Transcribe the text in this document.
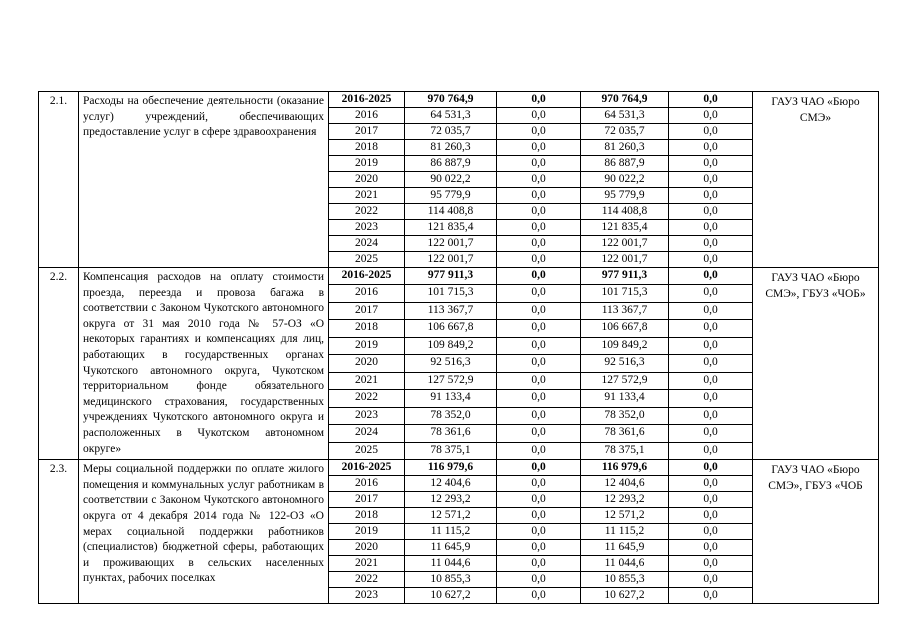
2.1.	Расходы на обеспечение деятельности (оказание услуг) учреждений, обеспечивающих предоставление услуг в сфере здравоохранения	2016-2025	970 764,9	0,0	970 764,9	0,0	ГАУЗ ЧАО «Бюро СМЭ»
		2016	64 531,3	0,0	64 531,3	0,0	
		2017	72 035,7	0,0	72 035,7	0,0	
		2018	81 260,3	0,0	81 260,3	0,0	
		2019	86 887,9	0,0	86 887,9	0,0	
		2020	90 022,2	0,0	90 022,2	0,0	
		2021	95 779,9	0,0	95 779,9	0,0	
		2022	114 408,8	0,0	114 408,8	0,0	
		2023	121 835,4	0,0	121 835,4	0,0	
		2024	122 001,7	0,0	122 001,7	0,0	
		2025	122 001,7	0,0	122 001,7	0,0	
2.2.	Компенсация расходов на оплату стоимости проезда, переезда и провоза багажа в соответствии с Законом Чукотского автономного округа от 31 мая 2010 года № 57-ОЗ «О некоторых гарантиях и компенсациях для лиц, работающих в государственных органах Чукотского автономного округа, Чукотском территориальном фонде обязательного медицинского страхования, государственных учреждениях Чукотского автономного округа и расположенных в Чукотском автономном округе»	2016-2025	977 911,3	0,0	977 911,3	0,0	ГАУЗ ЧАО «Бюро СМЭ», ГБУЗ «ЧОБ»
		2016	101 715,3	0,0	101 715,3	0,0	
		2017	113 367,7	0,0	113 367,7	0,0	
		2018	106 667,8	0,0	106 667,8	0,0	
		2019	109 849,2	0,0	109 849,2	0,0	
		2020	92 516,3	0,0	92 516,3	0,0	
		2021	127 572,9	0,0	127 572,9	0,0	
		2022	91 133,4	0,0	91 133,4	0,0	
		2023	78 352,0	0,0	78 352,0	0,0	
		2024	78 361,6	0,0	78 361,6	0,0	
		2025	78 375,1	0,0	78 375,1	0,0	
2.3.	Меры социальной поддержки по оплате жилого помещения и коммунальных услуг работникам в соответствии с Законом Чукотского автономного округа от 4 декабря 2014 года № 122-ОЗ «О мерах социальной поддержки работников (специалистов) бюджетной сферы, работающих и проживающих в сельских населенных пунктах, рабочих поселках	2016-2025	116 979,6	0,0	116 979,6	0,0	ГАУЗ ЧАО «Бюро СМЭ», ГБУЗ «ЧОБ
		2016	12 404,6	0,0	12 404,6	0,0	
		2017	12 293,2	0,0	12 293,2	0,0	
		2018	12 571,2	0,0	12 571,2	0,0	
		2019	11 115,2	0,0	11 115,2	0,0	
		2020	11 645,9	0,0	11 645,9	0,0	
		2021	11 044,6	0,0	11 044,6	0,0	
		2022	10 855,3	0,0	10 855,3	0,0	
		2023	10 627,2	0,0	10 627,2	0,0	
